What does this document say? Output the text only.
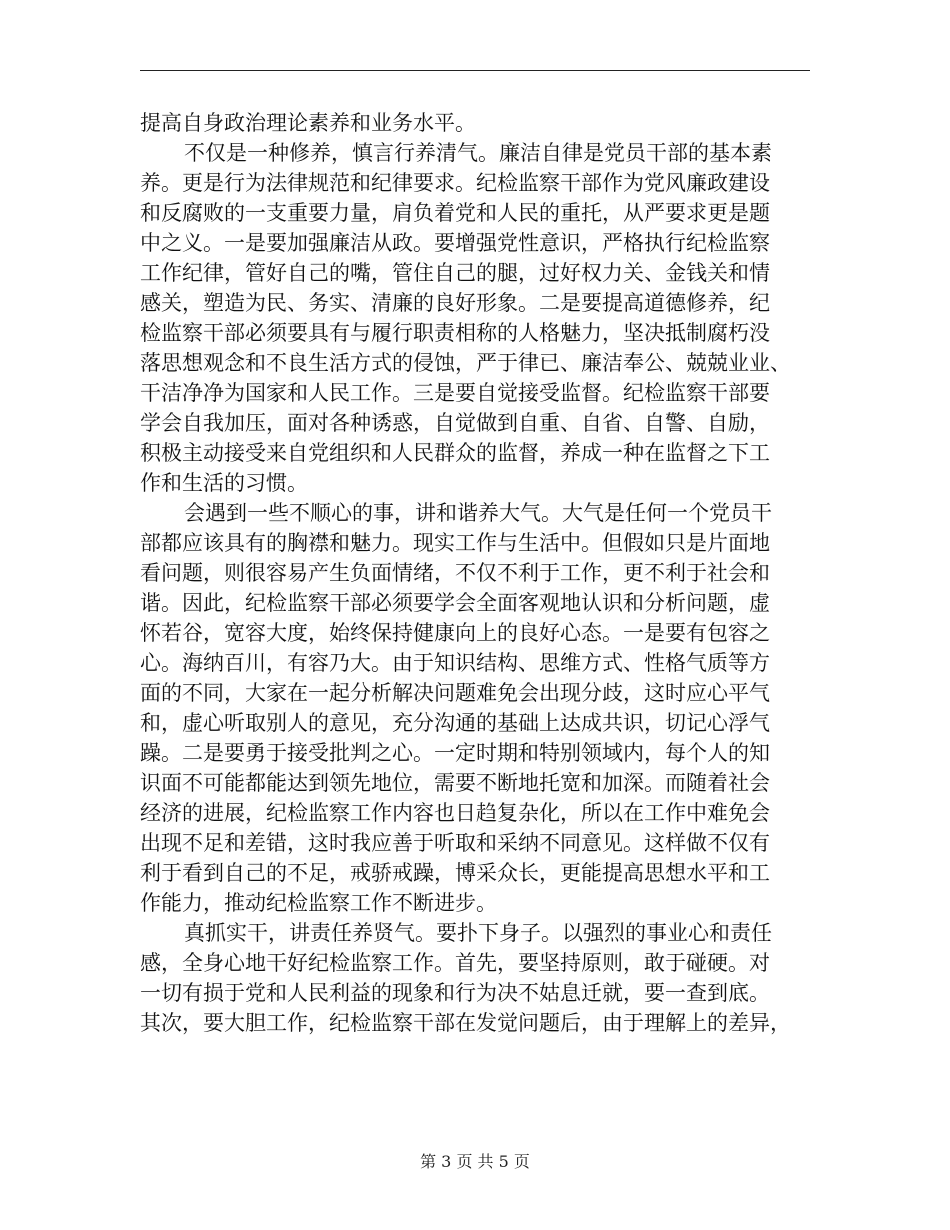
提高自身政治理论素养和业务水平。
不仅是一种修养，慎言行养清气。廉洁自律是党员干部的基本素
养。更是行为法律规范和纪律要求。纪检监察干部作为党风廉政建设
和反腐败的一支重要力量，肩负着党和人民的重托，从严要求更是题
中之义。一是要加强廉洁从政。要增强党性意识，严格执行纪检监察
工作纪律，管好自己的嘴，管住自己的腿，过好权力关、金钱关和情
感关，塑造为民、务实、清廉的良好形象。二是要提高道德修养，纪
检监察干部必须要具有与履行职责相称的人格魅力，坚决抵制腐朽没
落思想观念和不良生活方式的侵蚀，严于律已、廉洁奉公、兢兢业业、
干洁净净为国家和人民工作。三是要自觉接受监督。纪检监察干部要
学会自我加压，面对各种诱惑，自觉做到自重、自省、自警、自励，
积极主动接受来自党组织和人民群众的监督，养成一种在监督之下工
作和生活的习惯。
会遇到一些不顺心的事，讲和谐养大气。大气是任何一个党员干
部都应该具有的胸襟和魅力。现实工作与生活中。但假如只是片面地
看问题，则很容易产生负面情绪，不仅不利于工作，更不利于社会和
谐。因此，纪检监察干部必须要学会全面客观地认识和分析问题，虚
怀若谷，宽容大度，始终保持健康向上的良好心态。一是要有包容之
心。海纳百川，有容乃大。由于知识结构、思维方式、性格气质等方
面的不同，大家在一起分析解决问题难免会出现分歧，这时应心平气
和，虚心听取别人的意见，充分沟通的基础上达成共识，切记心浮气
躁。二是要勇于接受批判之心。一定时期和特别领域内，每个人的知
识面不可能都能达到领先地位，需要不断地托宽和加深。而随着社会
经济的进展，纪检监察工作内容也日趋复杂化，所以在工作中难免会
出现不足和差错，这时我应善于听取和采纳不同意见。这样做不仅有
利于看到自己的不足，戒骄戒躁，博采众长，更能提高思想水平和工
作能力，推动纪检监察工作不断进步。
真抓实干，讲责任养贤气。要扑下身子。以强烈的事业心和责任
感，全身心地干好纪检监察工作。首先，要坚持原则，敢于碰硬。对
一切有损于党和人民利益的现象和行为决不姑息迁就，要一查到底。
其次，要大胆工作，纪检监察干部在发觉问题后，由于理解上的差异，
第 3 页 共 5 页
